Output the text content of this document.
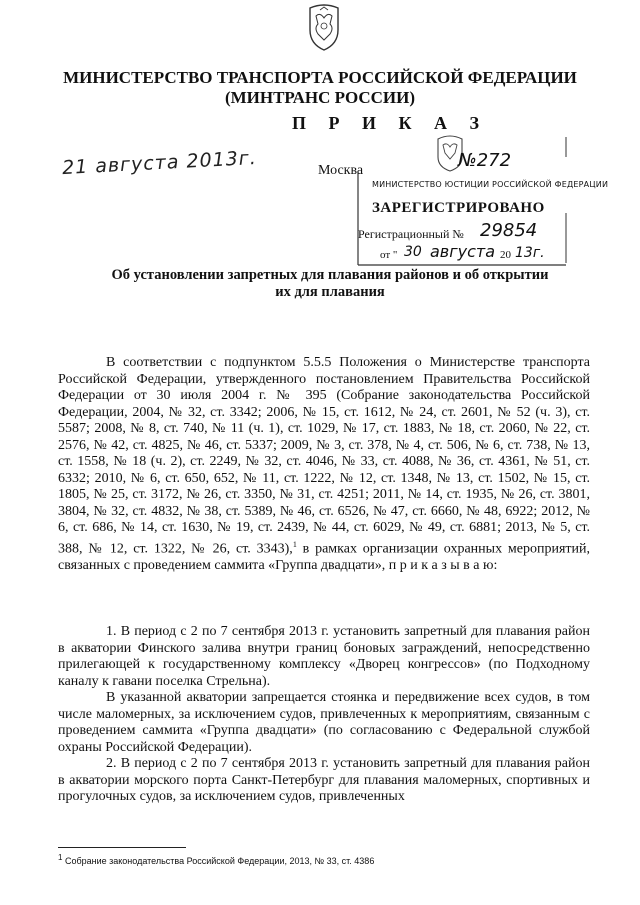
МИНИСТЕРСТВО ТРАНСПОРТА РОССИЙСКОЙ ФЕДЕРАЦИИ
(МИНТРАНС РОССИИ)
П Р И К А З
21 августа 2013г.	Москва	№272
МИНИСТЕРСТВО ЮСТИЦИИ РОССИЙСКОЙ ФЕДЕРАЦИИ
ЗАРЕГИСТРИРОВАНО
Регистрационный № 29854
от " 30 августа 20 13г.
Об установлении запретных для плавания районов и об открытии
их для плавания

В соответствии с подпунктом 5.5.5 Положения о Министерстве транспорта Российской Федерации, утвержденного постановлением Правительства Российской Федерации от 30 июля 2004 г. № 395 (Собрание законодательства Российской Федерации, 2004, № 32, ст. 3342; 2006, № 15, ст. 1612, № 24, ст. 2601, № 52 (ч. 3), ст. 5587; 2008, № 8, ст. 740, № 11 (ч. 1), ст. 1029, № 17, ст. 1883, № 18, ст. 2060, № 22, ст. 2576, № 42, ст. 4825, № 46, ст. 5337; 2009, № 3, ст. 378, № 4, ст. 506, № 6, ст. 738, № 13, ст. 1558, № 18 (ч. 2), ст. 2249, № 32, ст. 4046, № 33, ст. 4088, № 36, ст. 4361, № 51, ст. 6332; 2010, № 6, ст. 650, 652, № 11, ст. 1222, № 12, ст. 1348, № 13, ст. 1502, № 15, ст. 1805, № 25, ст. 3172, № 26, ст. 3350, № 31, ст. 4251; 2011, № 14, ст. 1935, № 26, ст. 3801, 3804, № 32, ст. 4832, № 38, ст. 5389, № 46, ст. 6526, № 47, ст. 6660, № 48, 6922; 2012, № 6, ст. 686, № 14, ст. 1630, № 19, ст. 2439, № 44, ст. 6029, № 49, ст. 6881; 2013, № 5, ст. 388, № 12, ст. 1322, № 26, ст. 3343),$^1$ в рамках организации охранных мероприятий, связанных с проведением саммита «Группа двадцати», п р и к а з ы в а ю:

1. В период с 2 по 7 сентября 2013 г. установить запретный для плавания район в акватории Финского залива внутри границ боновых заграждений, непосредственно прилегающей к государственному комплексу «Дворец конгрессов» (по Подходному каналу к гавани поселка Стрельна).

В указанной акватории запрещается стоянка и передвижение всех судов, в том числе маломерных, за исключением судов, привлеченных к мероприятиям, связанным с проведением саммита «Группа двадцати» (по согласованию с Федеральной службой охраны Российской Федерации).

2. В период с 2 по 7 сентября 2013 г. установить запретный для плавания район в акватории морского порта Санкт-Петербург для плавания маломерных, спортивных и прогулочных судов, за исключением судов, привлеченных

$^1$ Собрание законодательства Российской Федерации, 2013, № 33, ст. 4386
